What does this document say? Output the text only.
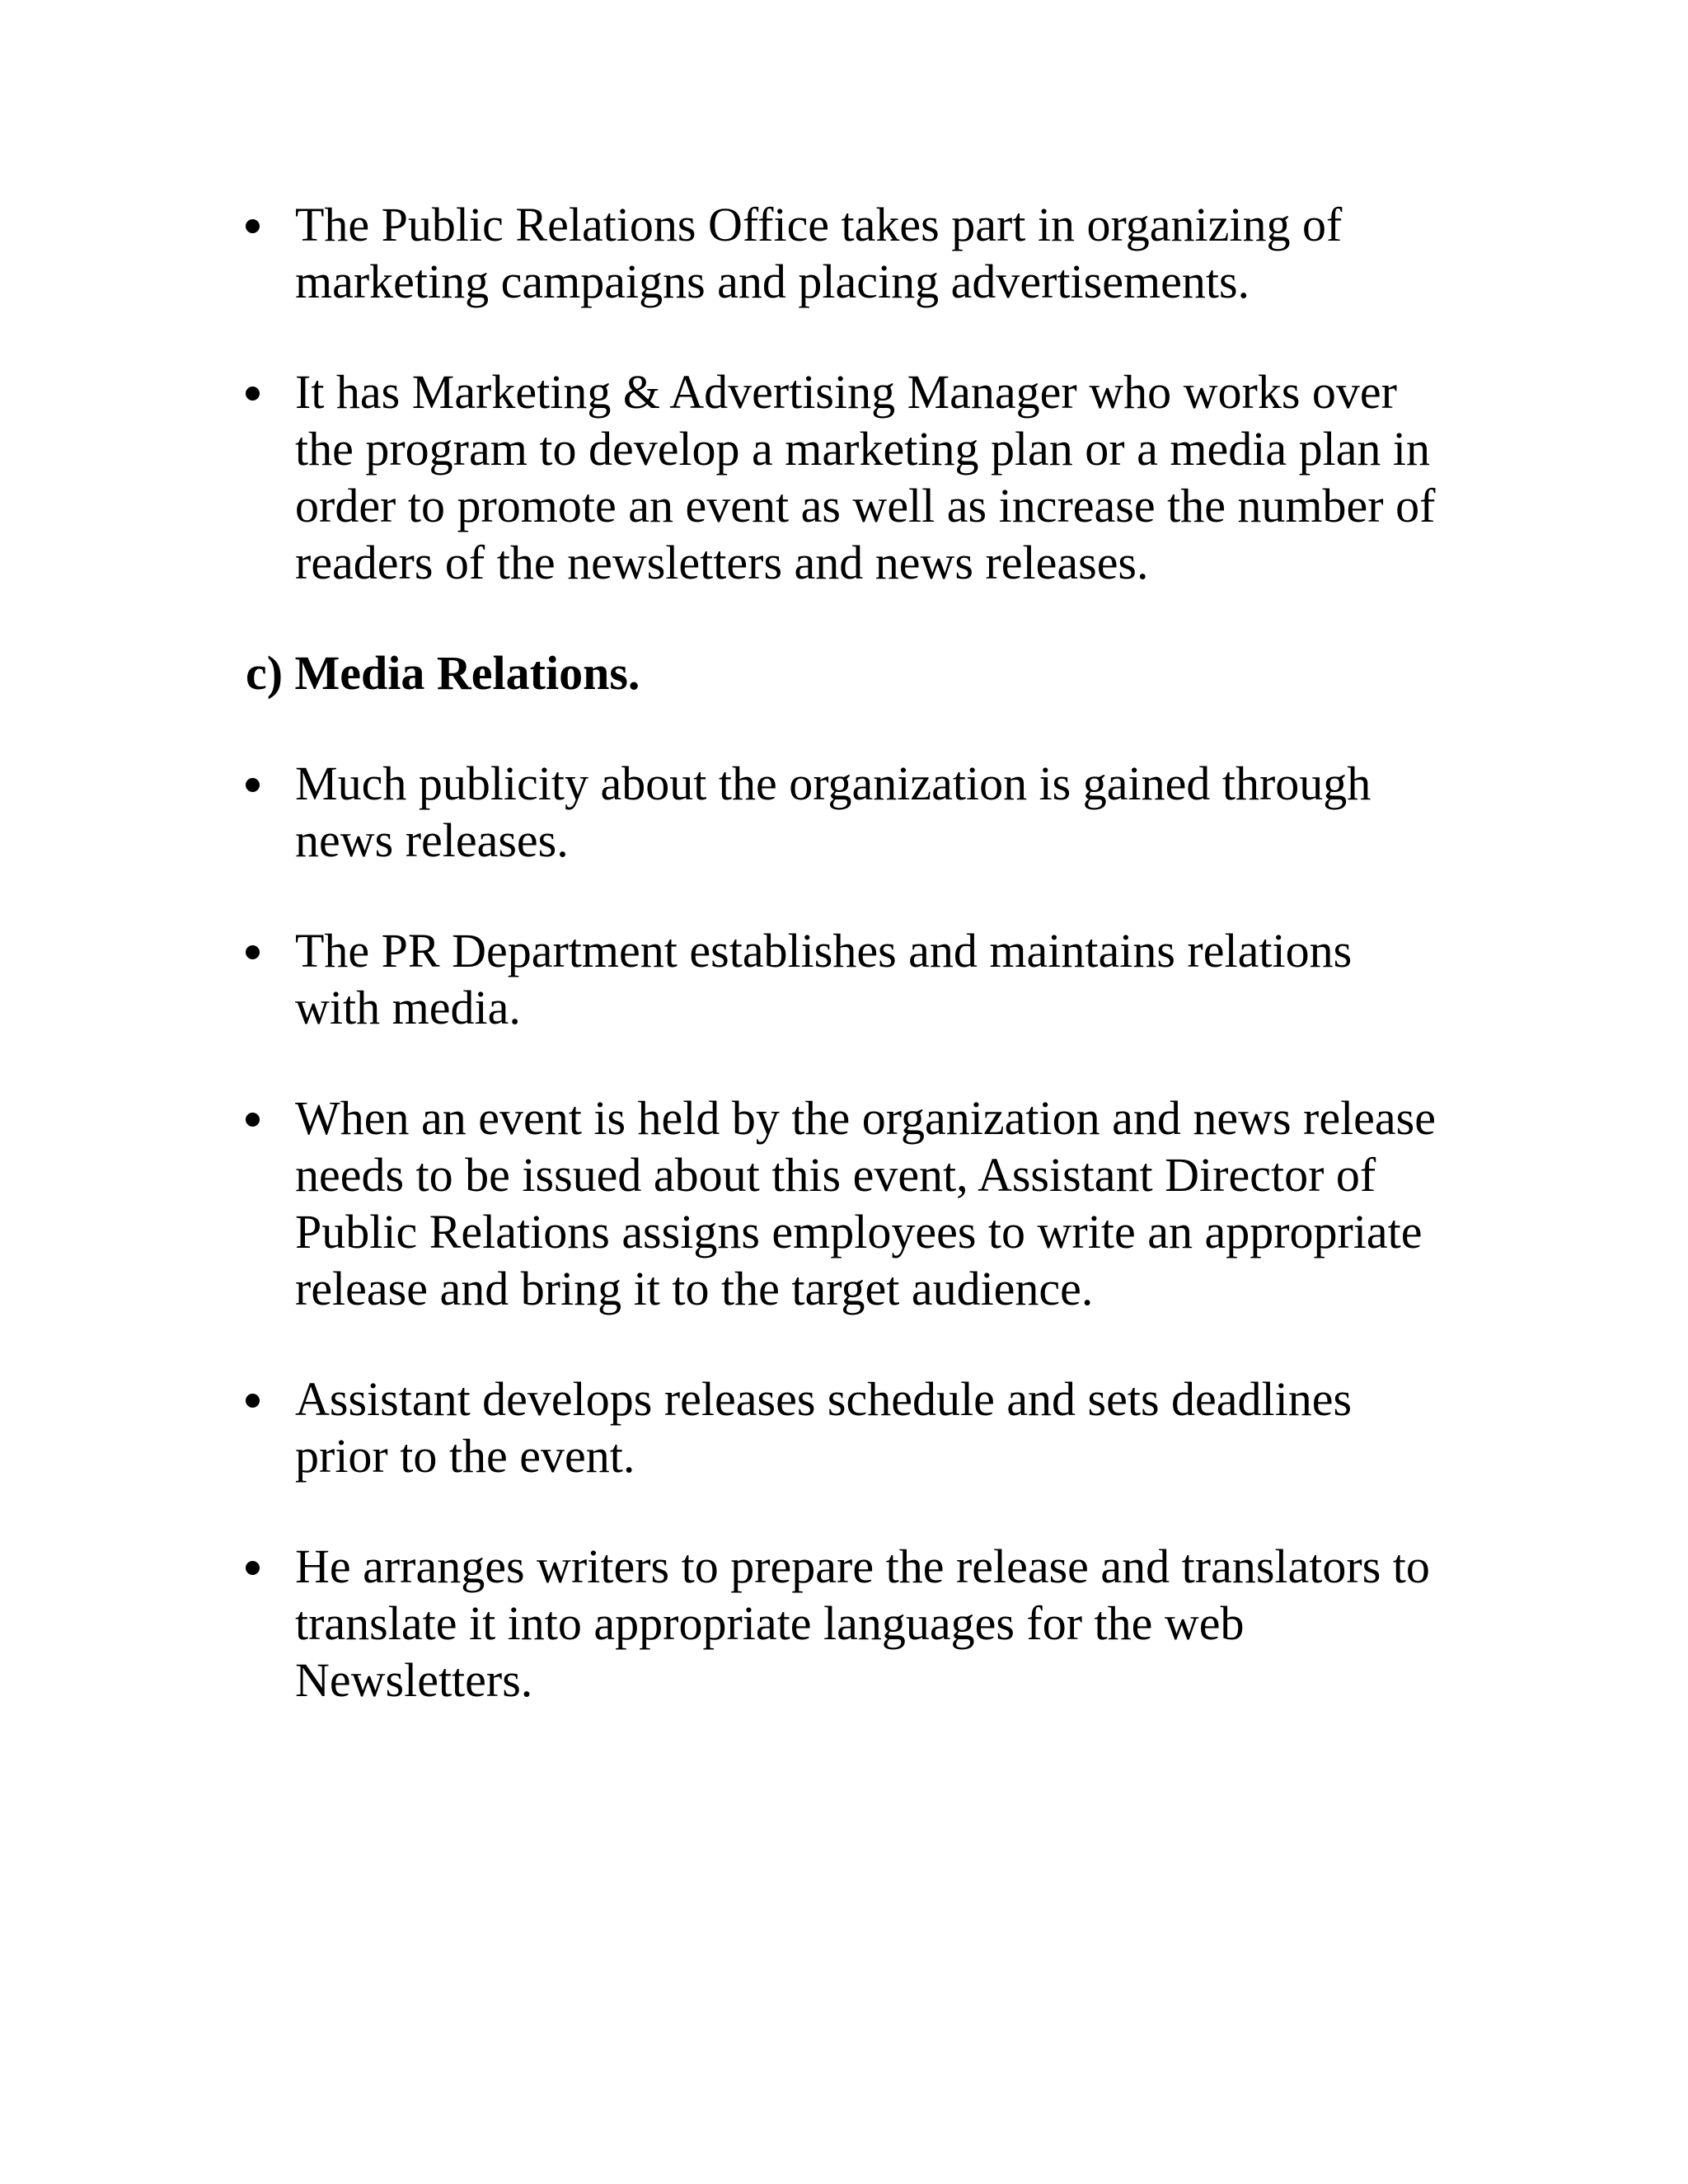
The Public Relations Office takes part in organizing of
marketing campaigns and placing advertisements.
It has Marketing & Advertising Manager who works over
the program to develop a marketing plan or a media plan in
order to promote an event as well as increase the number of
readers of the newsletters and news releases.

c) Media Relations.

Much publicity about the organization is gained through
news releases.
The PR Department establishes and maintains relations
with media.
When an event is held by the organization and news release
needs to be issued about this event, Assistant Director of
Public Relations assigns employees to write an appropriate
release and bring it to the target audience.
Assistant develops releases schedule and sets deadlines
prior to the event.
He arranges writers to prepare the release and translators to
translate it into appropriate languages for the web
Newsletters.
